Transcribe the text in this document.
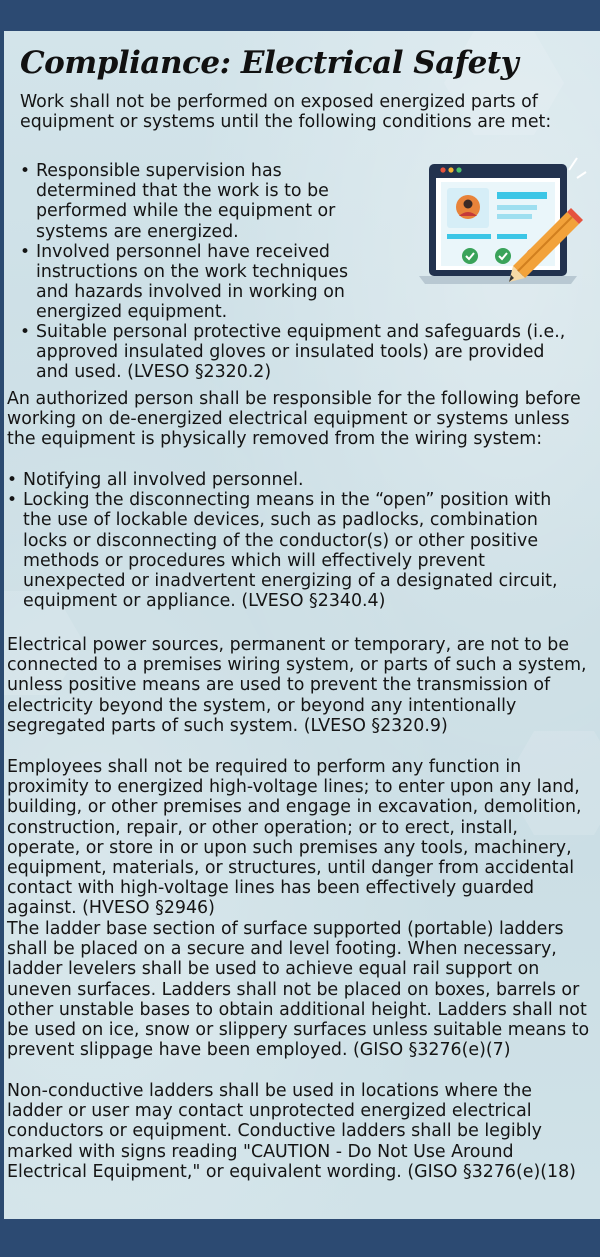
Compliance: Electrical Safety
Work shall not be performed on exposed energized parts of equipment or systems until the following conditions are met:
• Responsible supervision has determined that the work is to be performed while the equipment or systems are energized.
• Involved personnel have received instructions on the work techniques and hazards involved in working on energized equipment.
• Suitable personal protective equipment and safeguards (i.e., approved insulated gloves or insulated tools) are provided and used. (LVESO §2320.2)
An authorized person shall be responsible for the following before working on de-energized electrical equipment or systems unless the equipment is physically removed from the wiring system:
• Notifying all involved personnel.
• Locking the disconnecting means in the “open” position with the use of lockable devices, such as padlocks, combination locks or disconnecting of the conductor(s) or other positive methods or procedures which will effectively prevent unexpected or inadvertent energizing of a designated circuit, equipment or appliance. (LVESO §2340.4)
Electrical power sources, permanent or temporary, are not to be connected to a premises wiring system, or parts of such a system, unless positive means are used to prevent the transmission of electricity beyond the system, or beyond any intentionally segregated parts of such system. (LVESO §2320.9)
Employees shall not be required to perform any function in proximity to energized high-voltage lines; to enter upon any land, building, or other premises and engage in excavation, demolition, construction, repair, or other operation; or to erect, install, operate, or store in or upon such premises any tools, machinery, equipment, materials, or structures, until danger from accidental contact with high-voltage lines has been effectively guarded against. (HVESO §2946)
The ladder base section of surface supported (portable) ladders shall be placed on a secure and level footing. When necessary, ladder levelers shall be used to achieve equal rail support on uneven surfaces. Ladders shall not be placed on boxes, barrels or other unstable bases to obtain additional height. Ladders shall not be used on ice, snow or slippery surfaces unless suitable means to prevent slippage have been employed. (GISO §3276(e)(7)
Non-conductive ladders shall be used in locations where the ladder or user may contact unprotected energized electrical conductors or equipment. Conductive ladders shall be legibly marked with signs reading "CAUTION - Do Not Use Around Electrical Equipment," or equivalent wording. (GISO §3276(e)(18)
